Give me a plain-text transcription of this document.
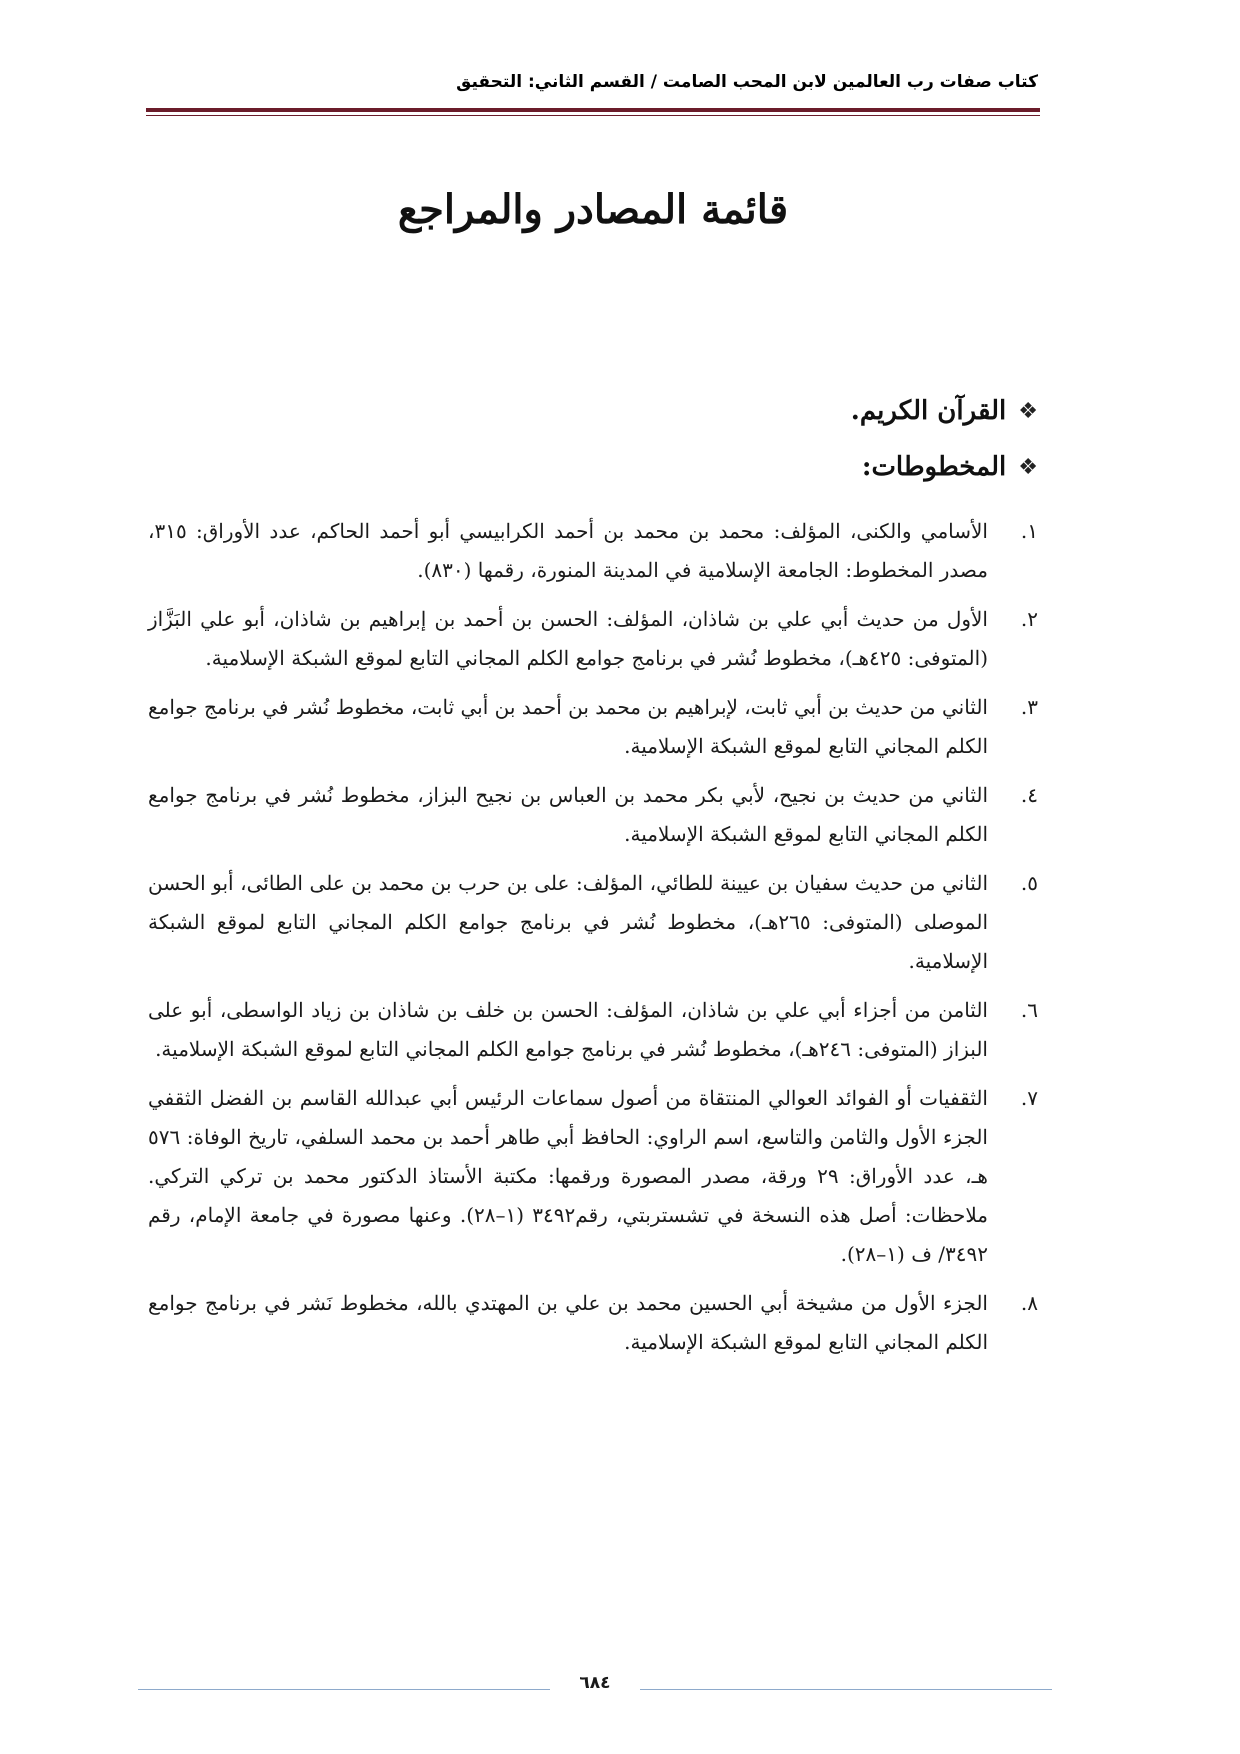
كتاب صفات رب العالمين لابن المحب الصامت / القسم الثاني: التحقيق
قائمة المصادر والمراجع
❖
القرآن الكريم.
❖
المخطوطات:
١.
الأسامي والكنى، المؤلف: محمد بن محمد بن أحمد الكرابيسي أبو أحمد الحاكم، عدد الأوراق: ٣١٥، مصدر المخطوط: الجامعة الإسلامية في المدينة المنورة، رقمها (٨٣٠).
٢.
الأول من حديث أبي علي بن شاذان، المؤلف: الحسن بن أحمد بن إبراهيم بن شاذان، أبو علي البَزَّاز (المتوفى: ٤٢٥هـ)، مخطوط نُشر في برنامج جوامع الكلم المجاني التابع لموقع الشبكة الإسلامية.
٣.
الثاني من حديث بن أبي ثابت، لإبراهيم بن محمد بن أحمد بن أبي ثابت، مخطوط نُشر في برنامج جوامع الكلم المجاني التابع لموقع الشبكة الإسلامية.
٤.
الثاني من حديث بن نجيح، لأبي بكر محمد بن العباس بن نجيح البزاز، مخطوط نُشر في برنامج جوامع الكلم المجاني التابع لموقع الشبكة الإسلامية.
٥.
الثاني من حديث سفيان بن عيينة للطائي، المؤلف: على بن حرب بن محمد بن على الطائى، أبو الحسن الموصلى (المتوفى: ٢٦٥هـ)، مخطوط نُشر في برنامج جوامع الكلم المجاني التابع لموقع الشبكة الإسلامية.
٦.
الثامن من أجزاء أبي علي بن شاذان، المؤلف: الحسن بن خلف بن شاذان بن زياد الواسطى، أبو على البزاز (المتوفى: ٢٤٦هـ)، مخطوط نُشر في برنامج جوامع الكلم المجاني التابع لموقع الشبكة الإسلامية.
٧.
الثقفيات أو الفوائد العوالي المنتقاة من أصول سماعات الرئيس أبي عبدالله القاسم بن الفضل الثقفي الجزء الأول والثامن والتاسع، اسم الراوي: الحافظ أبي طاهر أحمد بن محمد السلفي، تاريخ الوفاة: ٥٧٦ هـ، عدد الأوراق: ٢٩ ورقة، مصدر المصورة ورقمها: مكتبة الأستاذ الدكتور محمد بن تركي التركي. ملاحظات: أصل هذه النسخة في تشستربتي، رقم٣٤٩٢ (١–٢٨). وعنها مصورة في جامعة الإمام، رقم ٣٤٩٢/ ف (١–٢٨).
٨.
الجزء الأول من مشيخة أبي الحسين محمد بن علي بن المهتدي بالله، مخطوط نَشر في برنامج جوامع الكلم المجاني التابع لموقع الشبكة الإسلامية.
٦٨٤
